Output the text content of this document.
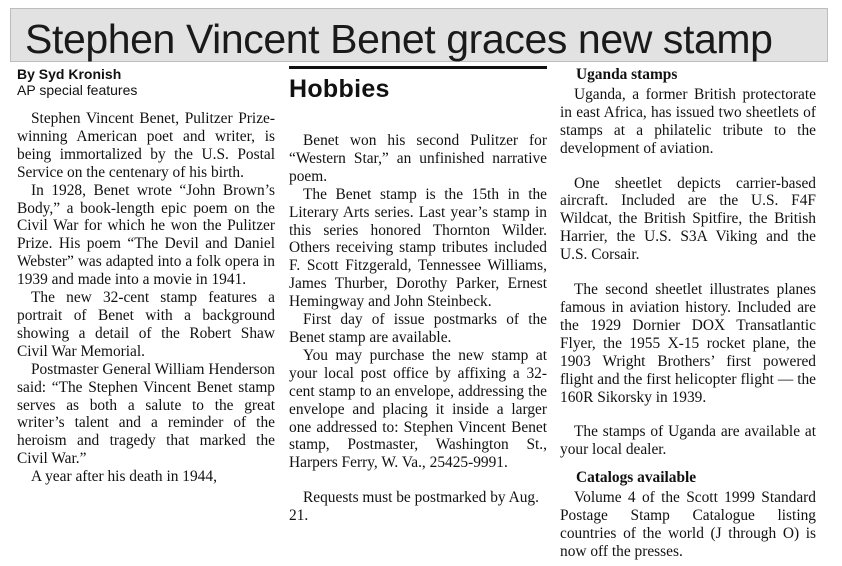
Stephen Vincent Benet graces new stamp
By Syd Kronish
AP special features

Stephen Vincent Benet, Pulitzer Prize-winning American poet and writer, is being immortalized by the U.S. Postal Service on the centenary of his birth.

In 1928, Benet wrote “John Brown’s Body,” a book-length epic poem on the Civil War for which he won the Pulitzer Prize. His poem “The Devil and Daniel Webster” was adapted into a folk opera in 1939 and made into a movie in 1941.

The new 32-cent stamp features a portrait of Benet with a background showing a detail of the Robert Shaw Civil War Memorial.

Postmaster General William Henderson said: “The Stephen Vincent Benet stamp serves as both a salute to the great writer’s talent and a reminder of the heroism and tragedy that marked the Civil War.”

A year after his death in 1944,

Hobbies

Benet won his second Pulitzer for “Western Star,” an unfinished narrative poem.

The Benet stamp is the 15th in the Literary Arts series. Last year’s stamp in this series honored Thornton Wilder. Others receiving stamp tributes included F. Scott Fitzgerald, Tennessee Williams, James Thurber, Dorothy Parker, Ernest Hemingway and John Steinbeck.

First day of issue postmarks of the Benet stamp are available.

You may purchase the new stamp at your local post office by affixing a 32-cent stamp to an envelope, addressing the envelope and placing it inside a larger one addressed to: Stephen Vincent Benet stamp, Postmaster, Washington St., Harpers Ferry, W. Va., 25425-9991.

Requests must be postmarked by Aug. 21.

Uganda stamps

Uganda, a former British protectorate in east Africa, has issued two sheetlets of stamps at a philatelic tribute to the development of aviation.

One sheetlet depicts carrier-based aircraft. Included are the U.S. F4F Wildcat, the British Spitfire, the British Harrier, the U.S. S3A Viking and the U.S. Corsair.

The second sheetlet illustrates planes famous in aviation history. Included are the 1929 Dornier DOX Transatlantic Flyer, the 1955 X-15 rocket plane, the 1903 Wright Brothers’ first powered flight and the first helicopter flight — the 160R Sikorsky in 1939.

The stamps of Uganda are available at your local dealer.

Catalogs available

Volume 4 of the Scott 1999 Standard Postage Stamp Catalogue listing countries of the world (J through O) is now off the presses.
